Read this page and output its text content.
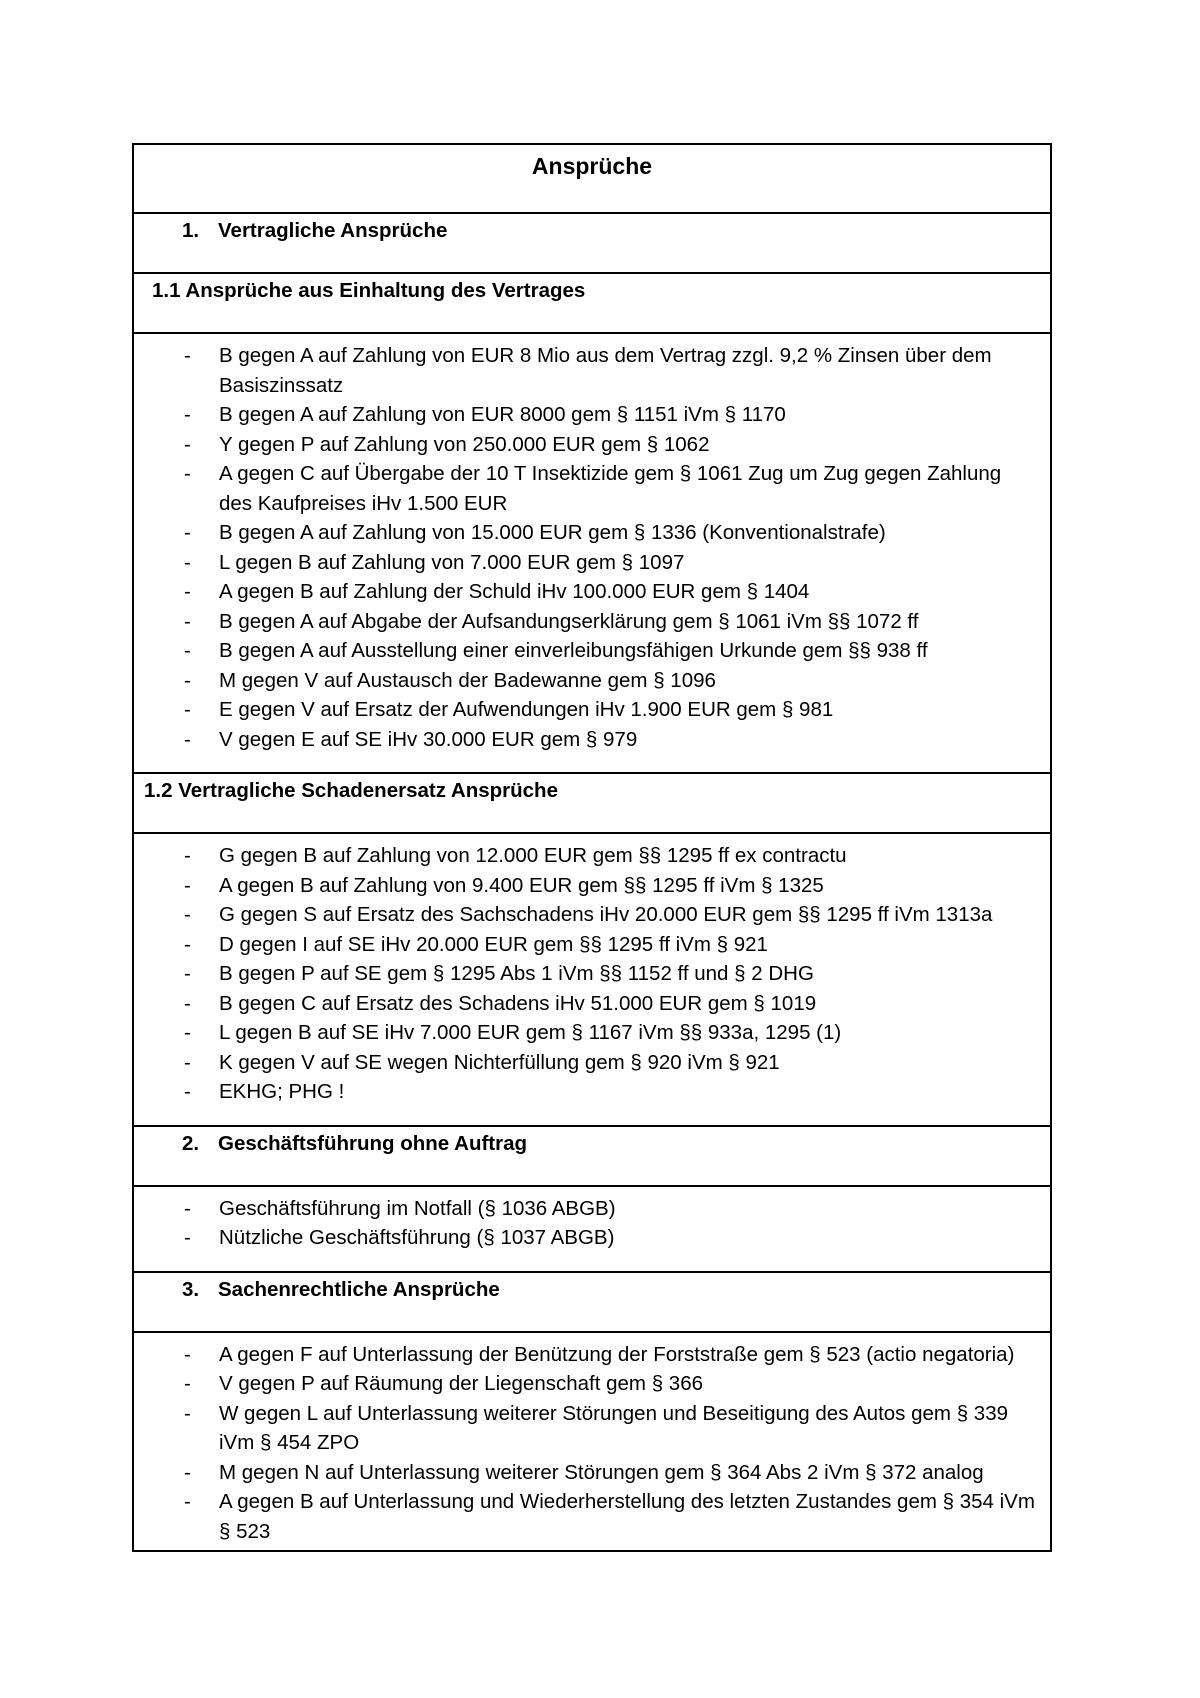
Ansprüche
1. Vertragliche Ansprüche
1.1 Ansprüche aus Einhaltung des Vertrages
- B gegen A auf Zahlung von EUR 8 Mio aus dem Vertrag zzgl. 9,2 % Zinsen über dem Basiszinssatz
- B gegen A auf Zahlung von EUR 8000 gem § 1151 iVm § 1170
- Y gegen P auf Zahlung von 250.000 EUR gem § 1062
- A gegen C auf Übergabe der 10 T Insektizide gem § 1061 Zug um Zug gegen Zahlung des Kaufpreises iHv 1.500 EUR
- B gegen A auf Zahlung von 15.000 EUR gem § 1336 (Konventionalstrafe)
- L gegen B auf Zahlung von 7.000 EUR gem § 1097
- A gegen B auf Zahlung der Schuld iHv 100.000 EUR gem § 1404
- B gegen A auf Abgabe der Aufsandungserklärung gem § 1061 iVm §§ 1072 ff
- B gegen A auf Ausstellung einer einverleibungsfähigen Urkunde gem §§ 938 ff
- M gegen V auf Austausch der Badewanne gem § 1096
- E gegen V auf Ersatz der Aufwendungen iHv 1.900 EUR gem § 981
- V gegen E auf SE iHv 30.000 EUR gem § 979
1.2 Vertragliche Schadenersatz Ansprüche
- G gegen B auf Zahlung von 12.000 EUR gem §§ 1295 ff ex contractu
- A gegen B auf Zahlung von 9.400 EUR gem §§ 1295 ff iVm § 1325
- G gegen S auf Ersatz des Sachschadens iHv 20.000 EUR gem §§ 1295 ff iVm 1313a
- D gegen I auf SE iHv 20.000 EUR gem §§ 1295 ff iVm § 921
- B gegen P auf SE gem § 1295 Abs 1 iVm §§ 1152 ff und § 2 DHG
- B gegen C auf Ersatz des Schadens iHv 51.000 EUR gem § 1019
- L gegen B auf SE iHv 7.000 EUR gem § 1167 iVm §§ 933a, 1295 (1)
- K gegen V auf SE wegen Nichterfüllung gem § 920 iVm § 921
- EKHG; PHG !
2. Geschäftsführung ohne Auftrag
- Geschäftsführung im Notfall (§ 1036 ABGB)
- Nützliche Geschäftsführung (§ 1037 ABGB)
3. Sachenrechtliche Ansprüche
- A gegen F auf Unterlassung der Benützung der Forststraße gem § 523 (actio negatoria)
- V gegen P auf Räumung der Liegenschaft gem § 366
- W gegen L auf Unterlassung weiterer Störungen und Beseitigung des Autos gem § 339 iVm § 454 ZPO
- M gegen N auf Unterlassung weiterer Störungen gem § 364 Abs 2 iVm § 372 analog
- A gegen B auf Unterlassung und Wiederherstellung des letzten Zustandes gem § 354 iVm § 523
